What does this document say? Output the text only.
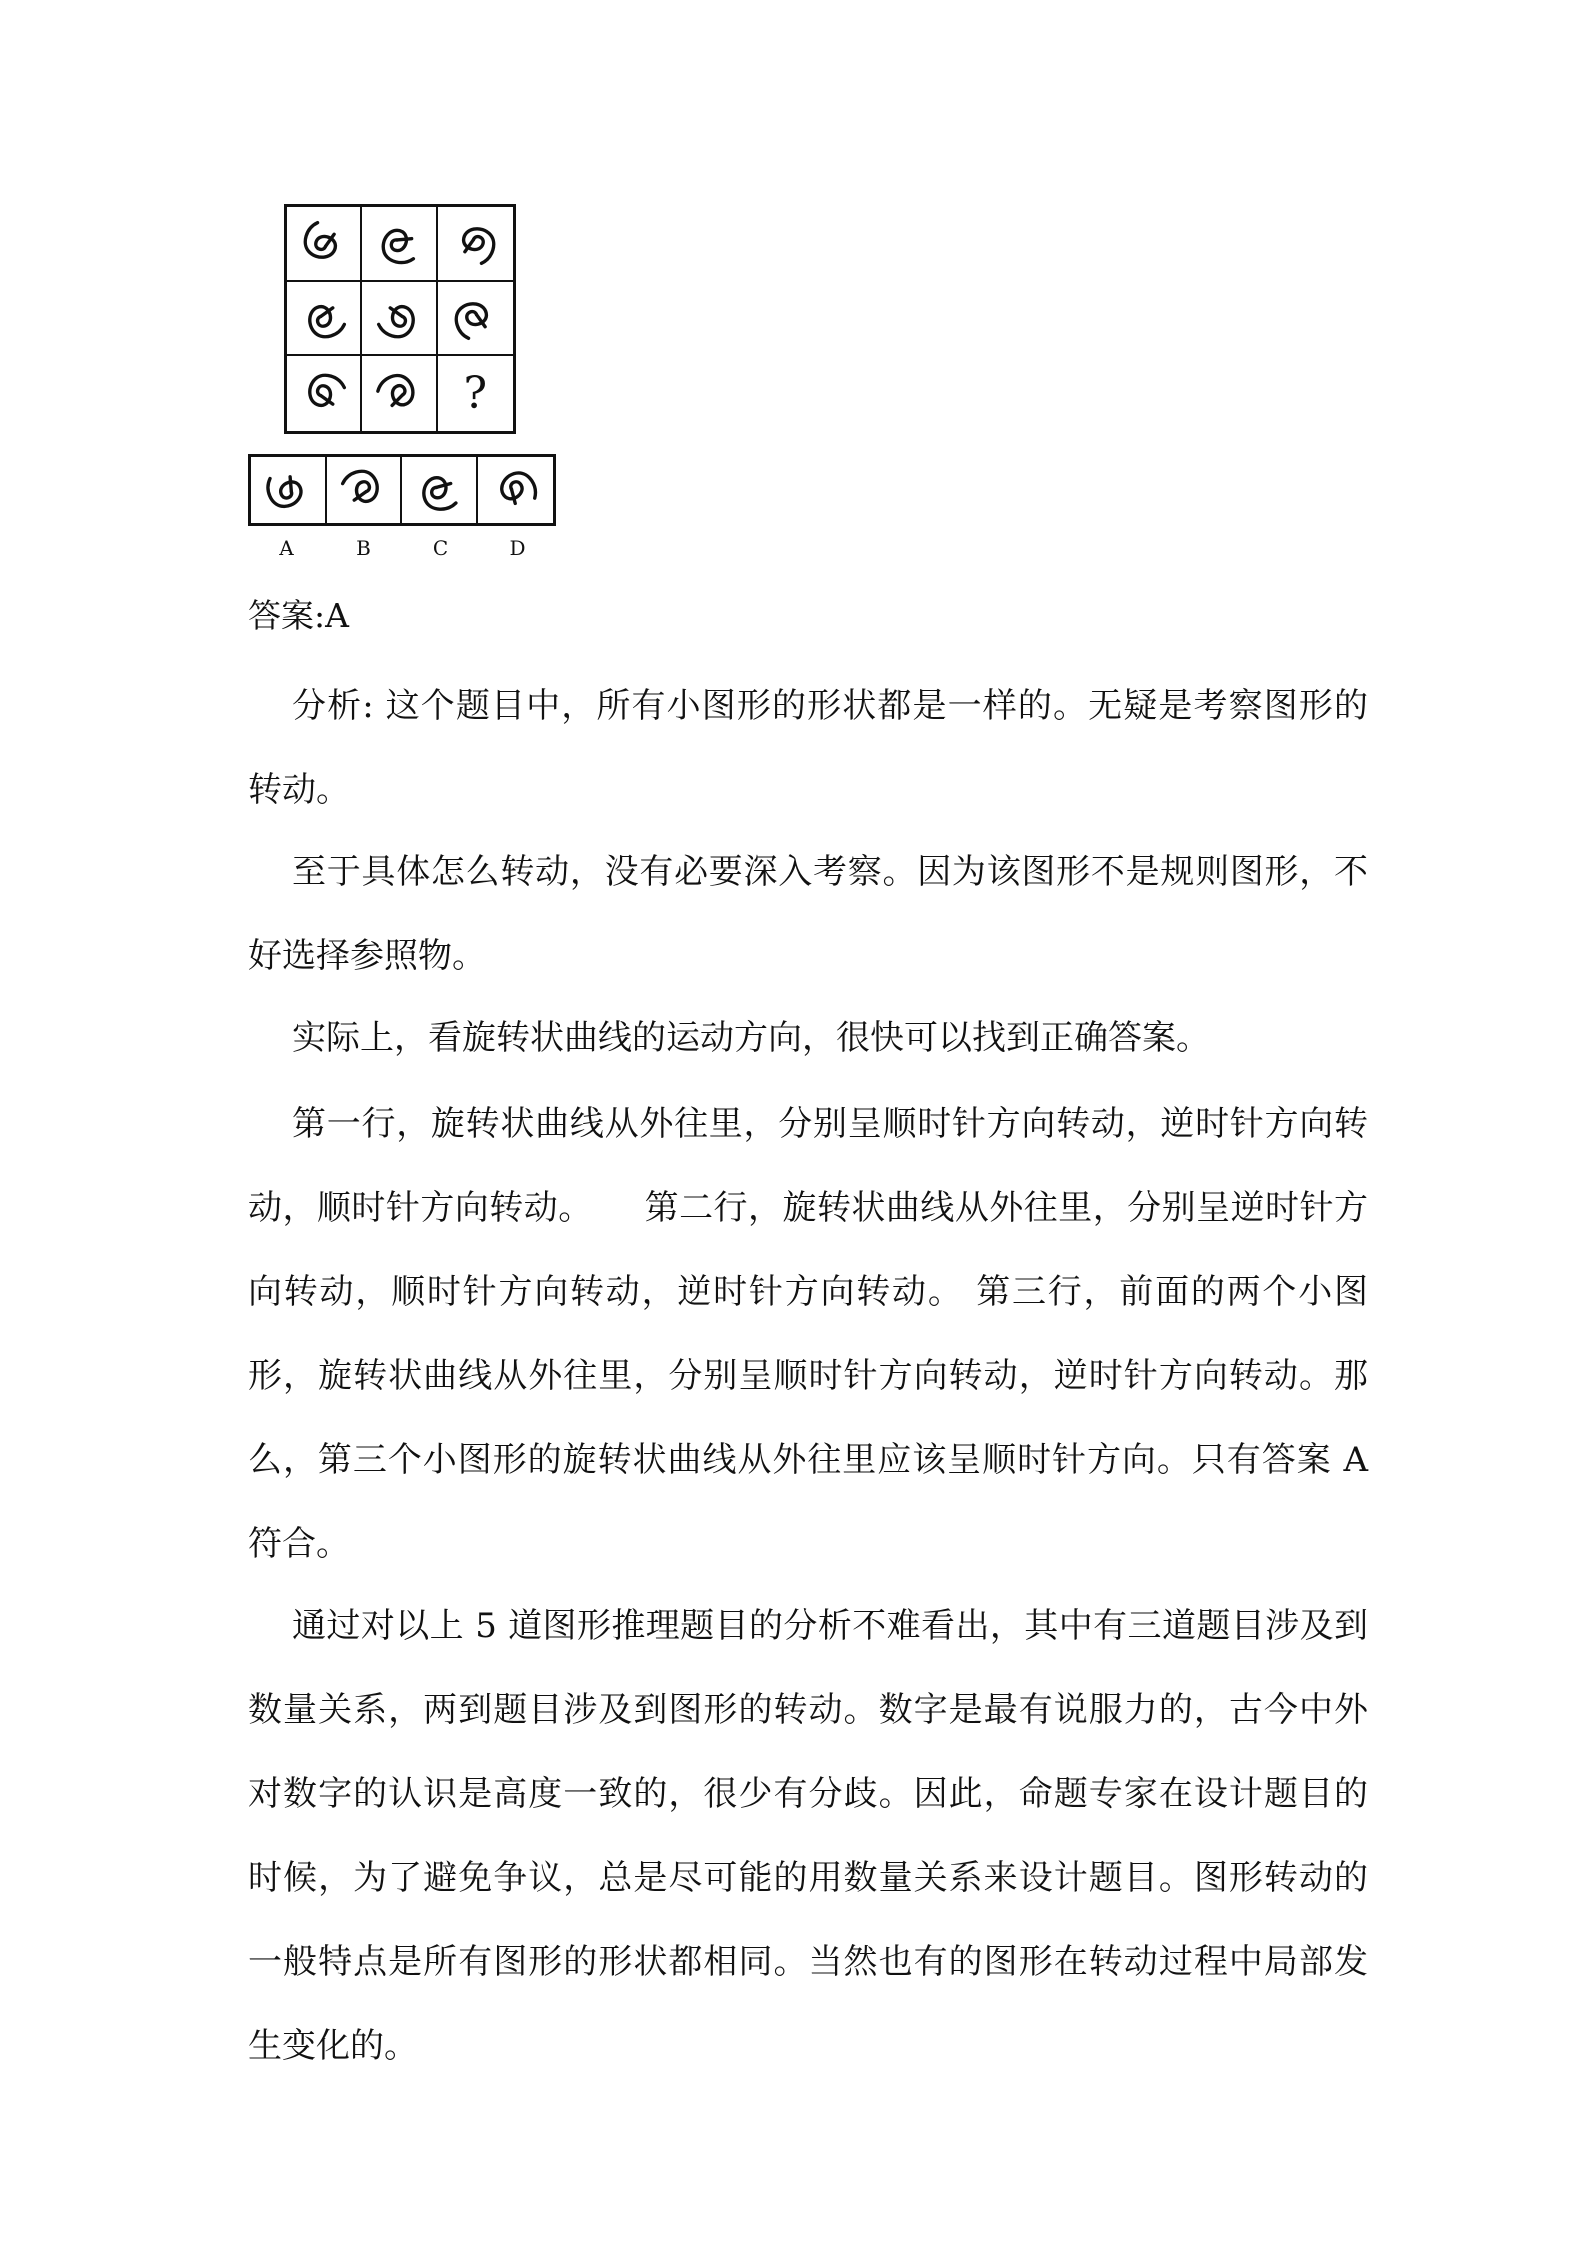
?
A	B	C	D
答案:A

分析: 这个题目中，所有小图形的形状都是一样的。无疑是考察图形的转动。

至于具体怎么转动，没有必要深入考察。因为该图形不是规则图形，不好选择参照物。

实际上，看旋转状曲线的运动方向，很快可以找到正确答案。

第一行，旋转状曲线从外往里，分别呈顺时针方向转动，逆时针方向转动，顺时针方向转动。　　第二行，旋转状曲线从外往里，分别呈逆时针方向转动，顺时针方向转动，逆时针方向转动。 第三行，前面的两个小图形，旋转状曲线从外往里，分别呈顺时针方向转动，逆时针方向转动。那么，第三个小图形的旋转状曲线从外往里应该呈顺时针方向。只有答案 A 符合。

通过对以上 5 道图形推理题目的分析不难看出，其中有三道题目涉及到数量关系，两到题目涉及到图形的转动。数字是最有说服力的，古今中外对数字的认识是高度一致的，很少有分歧。因此，命题专家在设计题目的时候，为了避免争议，总是尽可能的用数量关系来设计题目。图形转动的一般特点是所有图形的形状都相同。当然也有的图形在转动过程中局部发生变化的。
